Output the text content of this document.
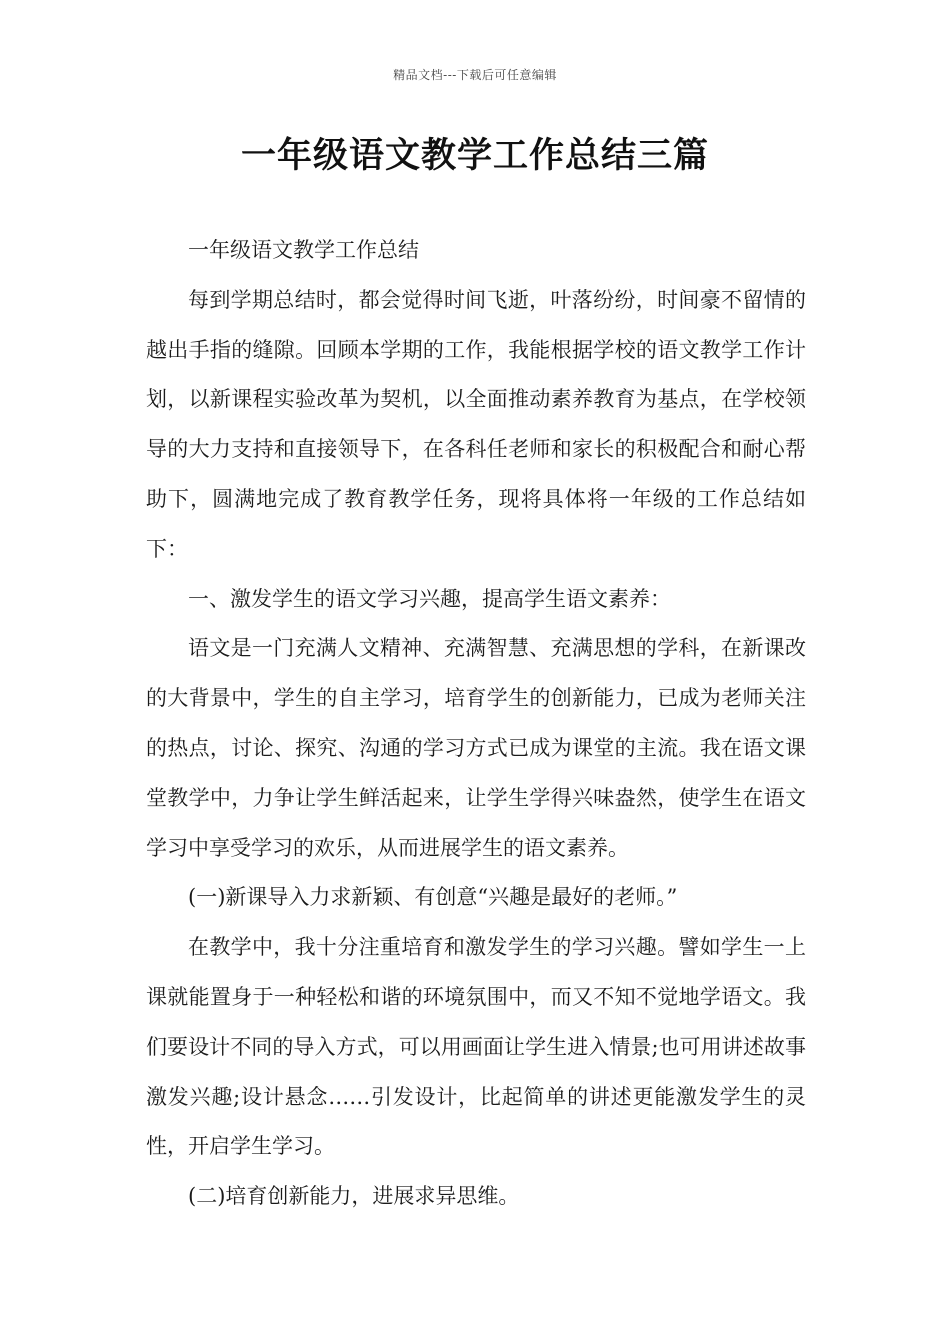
精品文档---下载后可任意编辑
一年级语文教学工作总结三篇

一年级语文教学工作总结

每到学期总结时，都会觉得时间飞逝，叶落纷纷，时间豪不留情的越出手指的缝隙。回顾本学期的工作，我能根据学校的语文教学工作计划，以新课程实验改革为契机，以全面推动素养教育为基点，在学校领导的大力支持和直接领导下，在各科任老师和家长的积极配合和耐心帮助下，圆满地完成了教育教学任务，现将具体将一年级的工作总结如下：

一、激发学生的语文学习兴趣，提高学生语文素养：

语文是一门充满人文精神、充满智慧、充满思想的学科，在新课改的大背景中，学生的自主学习，培育学生的创新能力，已成为老师关注的热点，讨论、探究、沟通的学习方式已成为课堂的主流。我在语文课堂教学中，力争让学生鲜活起来，让学生学得兴味盎然，使学生在语文学习中享受学习的欢乐，从而进展学生的语文素养。

(一)新课导入力求新颖、有创意“兴趣是最好的老师。”

在教学中，我十分注重培育和激发学生的学习兴趣。譬如学生一上课就能置身于一种轻松和谐的环境氛围中，而又不知不觉地学语文。我们要设计不同的导入方式，可以用画面让学生进入情景;也可用讲述故事激发兴趣;设计悬念……引发设计，比起简单的讲述更能激发学生的灵性，开启学生学习。

(二)培育创新能力，进展求异思维。
